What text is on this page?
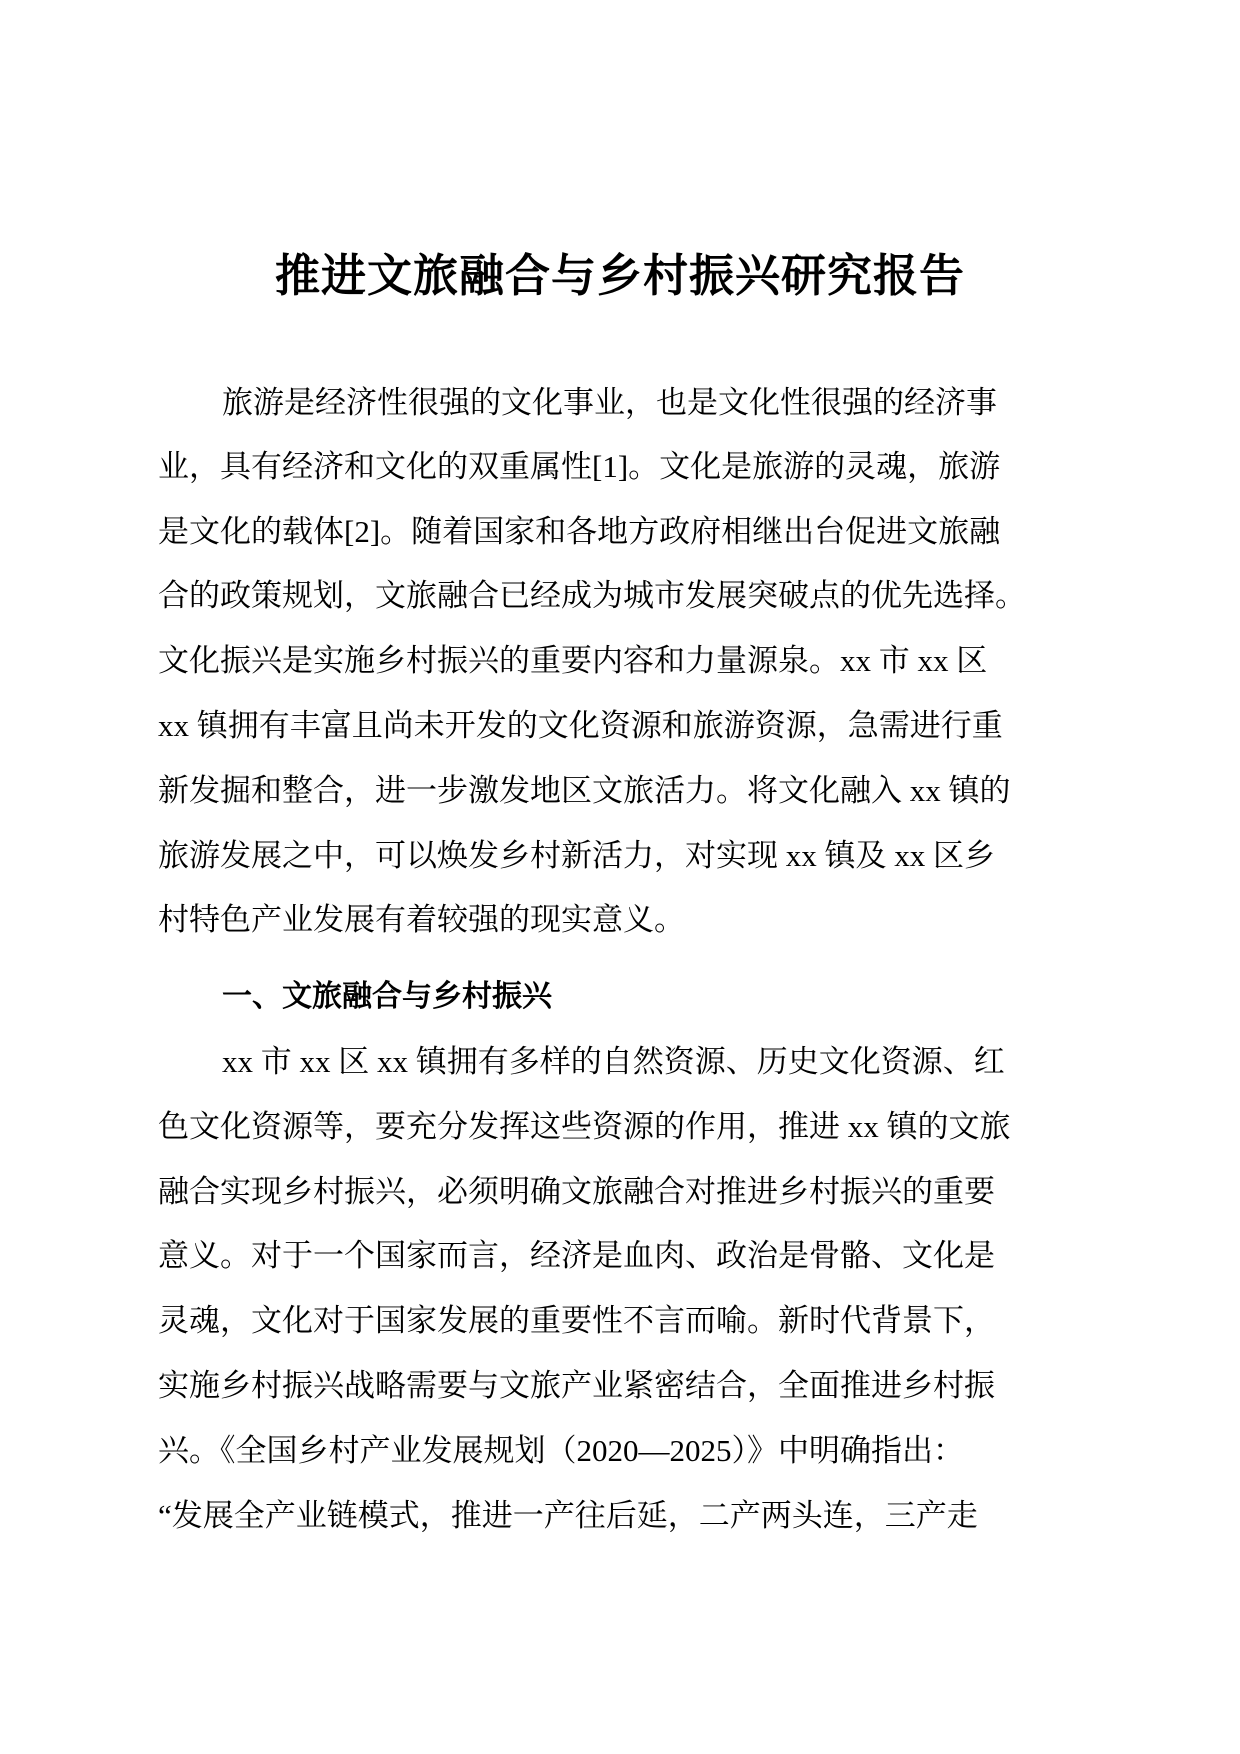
推进文旅融合与乡村振兴研究报告

旅游是经济性很强的文化事业，也是文化性很强的经济事

业，具有经济和文化的双重属性[1]。文化是旅游的灵魂，旅游

是文化的载体[2]。随着国家和各地方政府相继出台促进文旅融

合的政策规划，文旅融合已经成为城市发展突破点的优先选择。

文化振兴是实施乡村振兴的重要内容和力量源泉。xx 市 xx 区

xx 镇拥有丰富且尚未开发的文化资源和旅游资源，急需进行重

新发掘和整合，进一步激发地区文旅活力。将文化融入 xx 镇的

旅游发展之中，可以焕发乡村新活力，对实现 xx 镇及 xx 区乡

村特色产业发展有着较强的现实意义。

一、文旅融合与乡村振兴

xx 市 xx 区 xx 镇拥有多样的自然资源、历史文化资源、红

色文化资源等，要充分发挥这些资源的作用，推进 xx 镇的文旅

融合实现乡村振兴，必须明确文旅融合对推进乡村振兴的重要

意义。对于一个国家而言，经济是血肉、政治是骨骼、文化是

灵魂，文化对于国家发展的重要性不言而喻。新时代背景下，

实施乡村振兴战略需要与文旅产业紧密结合，全面推进乡村振

兴。《全国乡村产业发展规划（2020—2025）》中明确指出：

“发展全产业链模式，推进一产往后延，二产两头连，三产走
